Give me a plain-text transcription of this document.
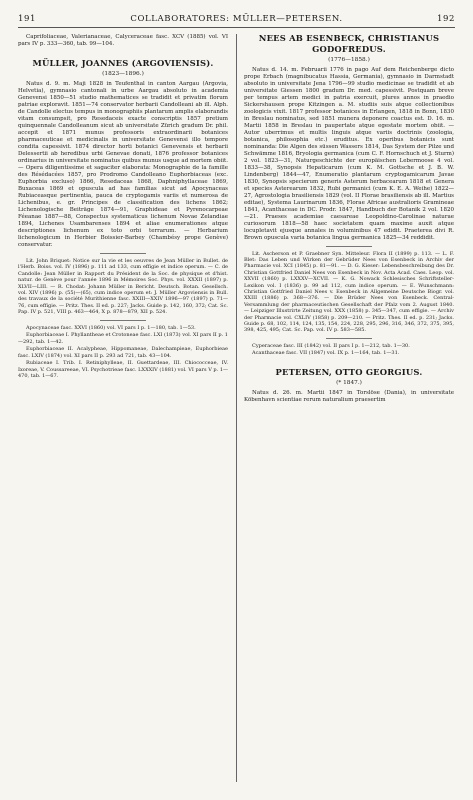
191	COLLABORATORES: MÜLLER—PETERSEN.	192

Caprifoliaceae, Valerianaceae, Calyceraceae fasc. XCV (1885) vol. VI pars IV p. 333—360, tab. 99—104.

MÜLLER, JOANNES (ARGOVIENSIS).
(1823—1896.)

Natus d. 9. m. Maji 1828 in Teufenthal in canton Aargau (Argovia, Helvetia), gymnasio cantonali in urbe Aargau absoluto in academia Genevensi 1850—51 studio mathematices se tradidit et privatim florum patriae exploravit. 1851—74 conservator herbarii Candolleani ab ill. Alph. de Candolle electus tempus in monographiis plantarum amplis elaborandis vitam consumpsit, pro Resedaceis exacte conscriptis 1857 pretium quinquennale Candolleanum sicut ab universitate Zürich gradum Dr. phil. accepit et 1871 munus professoris extraordinarii botanices pharmaceuticae et medicinalis in universitate Genevensi illo tempore condita capessivit. 1874 director horti botanici Genevensis et herbarii Delessertii ab heredibus urbi Genevae donati, 1876 professor botanices ordinarius in universitate nominatus quibus munus usque ad mortem obiit. — Opera diligentissime et sagaciter elaborata: Monographie de la famille des Résédacées 1857, pro Prodromo Candolleano Euphorbiaceas (exc. Euphorbia excluso) 1866, Resedaceas 1868, Daphniphyllaceae 1869, Buxaceas 1869 et opuscula ad has familias sicut ad Apocynaceas Rubiaceasque pertinentia, pauca de cryptogamis variis et numerosa de Lichenibus, e. gr. Principes de classification des lichens 1862; Lichenologische Beiträge 1874—91, Graphideae et Pyrenocarpeae Féeanae 1887—88, Conspectus systematicus lichenum Novae Zelandiae 1894, Lichenes Usambarenses 1894 et aliae enumerationes atque descriptiones lichenum ex toto orbi terrarum. — Herbarium lichenologicum in Herbier Boissier-Barbey (Chambésy prope Genève) conservatur.

Lit. John Briquet: Notice sur la vie et les oeuvres de Jean Müller in Bullet. de l'Herb. Boiss. vol. IV (1896) p. 111 ad 133, cum effigie et indice operum. — C. de Candolle: Jean Müller in Rapport du Président de la Soc. de physique et d'hist. natur. de Genève pour l'année 1896 in Mémoires Soc. Phys. vol. XXXII (1897) p. XLVII—LIII. — R. Chodat: Johann Müller in Bericht. Deutsch. Botan. Gesellsch. vol. XIV (1896) p. (55)—(65), cum indice operum et: J. Müller Argoviensis in Bull. des travaux de la société Murithienne fasc. XXIII—XXIV 1896—97 (1897) p. 71—76, cum effigie. — Pritz. Thes. II ed. p. 227; Jacks. Guide p. 142, 160, 372; Cat. Sc. Pap. IV p. 521, VIII p. 463—464, X p. 878—879, XII p. 524.

Apocynaceae fasc. XXVI (1860) vol. VI pars I p. 1—180, tab. 1—53.

Euphorbiaceae I. Phyllantheae et Crotoneae fasc. LXI (1873) vol. XI pars II p. 1—292, tab. 1—42.

Euphorbiaceae II. Acalypheae, Hippomaneae, Dalechampieae, Euphorbieae fasc. LXIV (1874) vol. XI pars II p. 293 ad 721, tab. 43—104.

Rubiaceae I. Trib. I. Retiniphylleae, II. Guettardeae, III. Chiococceae, IV. Ixoreae, V. Coussareeae, VI. Psychotrieae fasc. LXXXIV (1881) vol. VI pars V p. 1—470, tab. 1—67.

NEES AB ESENBECK, CHRISTIANUS
GODOFREDUS.
(1776—1858.)

Natus d. 14. m. Februarii 1776 in pago Auf dem Reichenberge dicto prope Erbach (magnibucatus Hassia, Germania), gymnasio in Darmstadt absoluto in universitate Jena 1796—99 studio medicinae se tradidit et ab universitate Giessen 1800 gradum Dr. med. capessivit. Postquam breve per tempus artem medici in patria exercuit, plures annos in praedio Sickershausen prope Kitzingen a. M. studiis suis atque collectionibus zoologicis vixit. 1817 professor botanices in Erlangen, 1818 in Bonn, 1830 in Breslau nominatus, sed 1851 munera deponere coactus est. D. 16. m. Martii 1858 in Breslau in paupertate atque egestate mortem obiit. — Autor uberrimus et multis linguis atque variis doctrinis (zoologia, botanica, philosophia etc.) eruditus. Ex operibus botanicis sunt nominanda: Die Algen des süssen Wassers 1814, Das System der Pilze und Schwämme 1816, Bryologia germanica (cum C. F. Hornschuch et J. Sturm) 2 vol. 1823—31, Naturgeschichte der europäischen Lebermoose 4 vol. 1833—38, Synopsis Hepaticarum (cum K. M. Gottsche et J. B. W. Lindenberg) 1844—47, Enumeratio plantarum cryptogamicarum Javae 1830, Synopsis specierum generis Asterum herbacearum 1818 et Genera et species Asterearum 1832, Rubi germanici (cum K. E. A. Weihe) 1822—27, Agrostologia brasiliensis 1829 (vol. II Florae brasiliensis ab ill. Martius editae), Systema Laurinarum 1836, Florae Africae australioris Gramineae 1841, Acanthaceae in DC. Prodr. 1847, Handbuch der Botanik 2 vol. 1820—21. Praeses academiae caesareae Leopoldino-Carolinae naturae curiosorum 1818—58 haec societatem quam maxime auxit atque locupletavit ejusque annales in voluminibus 47 edidit. Praeterea divi R. Brown opuscula varia botanica lingua germanica 1825—34 reddidit.

Lit. Ascherson et P. Graebner Syn. Mitteleur. Flora II (1899) p. 113. — L. F. Blet: Das Leben und Wirken der Gebrüder Nees von Esenbeck in Archiv der Pharmacie vol. XCI (1845) p. 81—91. — D. G. Kieser: Lebensbeschreibung des Dr. Christian Gottfried Daniel Nees von Esenbeck in Nov. Acta Acad. Caes. Leop. vol. XXVII (1860) p. LXXXV—XCVII. — K. G. Nowack Schlesisches Schriftsteller-Lexikon vol. I (1836) p. 99 ad 112, cum indice operum. — E. Wunschmann: Christian Gottfried Daniel Nees v. Esenbeck in Allgemeine Deutsche Biogr. vol. XXIII (1886) p. 368—376. — Die Brüder Nees von Esenbeck. Central-Versammlung der pharmaceutischen Gesellschaft der Pfalz vom 2. August 1840. — Leipziger Illustrirte Zeitung vol. XXX (1858) p. 345—347, cum effigie. — Archiv der Pharmacie vol. CXLIV (1858) p. 209—210. — Pritz. Thes. II ed. p. 231; Jacks. Guide p. 68, 102, 114, 124, 135, 154, 224, 228, 295, 296, 316, 346, 372, 375, 395, 398, 425, 495; Cat. Sc. Pap. vol. IV p. 583—585.

Cyperaceae fasc. III (1842) vol. II pars I p. 1—212, tab. 1—30.

Acanthaceae fasc. VII (1847) vol. IX p. 1—164, tab. 1—31.

PETERSEN, OTTO GEORGIUS.
(* 1847.)

Natus d. 26. m. Martii 1847 in Torslöse (Dania), in universitate Köbenhavn scientiae rerum naturalium praesertim
